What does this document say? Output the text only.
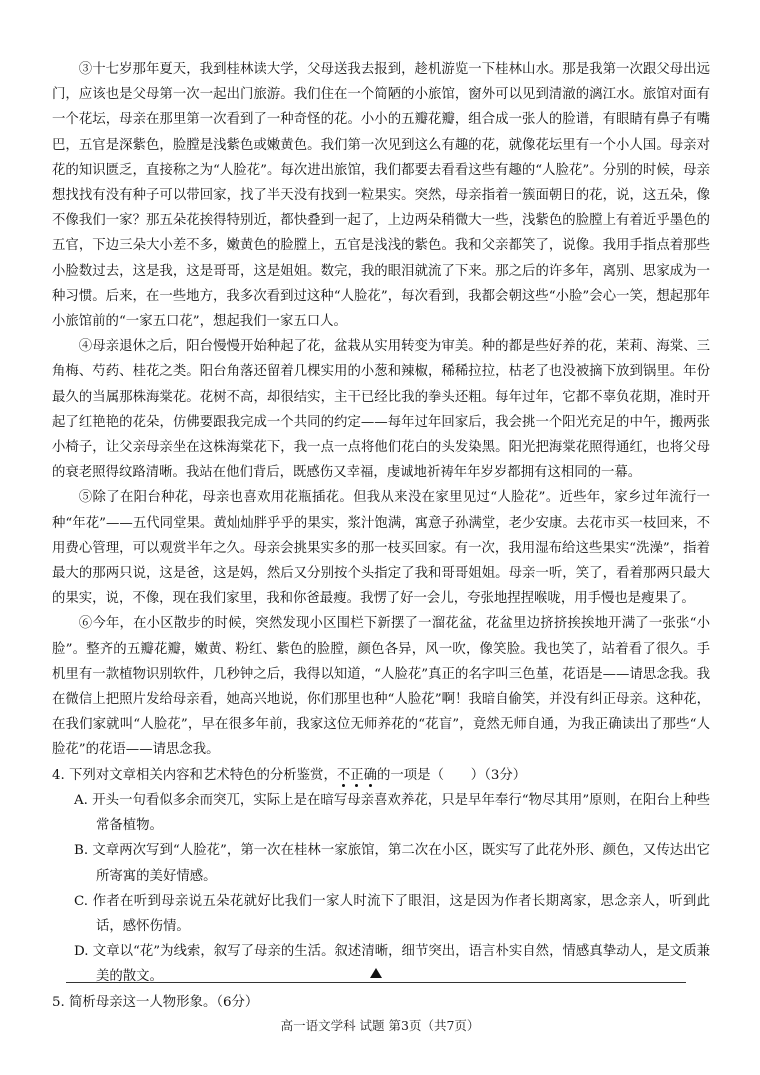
③十七岁那年夏天，我到桂林读大学，父母送我去报到，趁机游览一下桂林山水。那是我第一次跟父母出远门，应该也是父母第一次一起出门旅游。我们住在一个简陋的小旅馆，窗外可以见到清澈的漓江水。旅馆对面有一个花坛，母亲在那里第一次看到了一种奇怪的花。小小的五瓣花瓣，组合成一张人的脸谱，有眼睛有鼻子有嘴巴，五官是深紫色，脸膛是浅紫色或嫩黄色。我们第一次见到这么有趣的花，就像花坛里有一个小人国。母亲对花的知识匮乏，直接称之为“人脸花”。每次进出旅馆，我们都要去看看这些有趣的“人脸花”。分别的时候，母亲想找找有没有种子可以带回家，找了半天没有找到一粒果实。突然，母亲指着一簇面朝日的花，说，这五朵，像不像我们一家？那五朵花挨得特别近，都快叠到一起了，上边两朵稍微大一些，浅紫色的脸膛上有着近乎墨色的五官，下边三朵大小差不多，嫩黄色的脸膛上，五官是浅浅的紫色。我和父亲都笑了，说像。我用手指点着那些小脸数过去，这是我，这是哥哥，这是姐姐。数完，我的眼泪就流了下来。那之后的许多年，离别、思家成为一种习惯。后来，在一些地方，我多次看到过这种“人脸花”，每次看到，我都会朝这些“小脸”会心一笑，想起那年小旅馆前的“一家五口花”，想起我们一家五口人。

④母亲退休之后，阳台慢慢开始种起了花，盆栽从实用转变为审美。种的都是些好养的花，茉莉、海棠、三角梅、芍药、桂花之类。阳台角落还留着几棵实用的小葱和辣椒，稀稀拉拉，枯老了也没被摘下放到锅里。年份最久的当属那株海棠花。花树不高，却很结实，主干已经比我的拳头还粗。每年过年，它都不辜负花期，准时开起了红艳艳的花朵，仿佛要跟我完成一个共同的约定——每年过年回家后，我会挑一个阳光充足的中午，搬两张小椅子，让父亲母亲坐在这株海棠花下，我一点一点将他们花白的头发染黑。阳光把海棠花照得通红，也将父母的衰老照得纹路清晰。我站在他们背后，既感伤又幸福，虔诚地祈祷年年岁岁都拥有这相同的一幕。

⑤除了在阳台种花，母亲也喜欢用花瓶插花。但我从来没在家里见过“人脸花”。近些年，家乡过年流行一种“年花”——五代同堂果。黄灿灿胖乎乎的果实，浆汁饱满，寓意子孙满堂，老少安康。去花市买一枝回来，不用费心管理，可以观赏半年之久。母亲会挑果实多的那一枝买回家。有一次，我用湿布给这些果实“洗澡”，指着最大的那两只说，这是爸，这是妈，然后又分别按个头指定了我和哥哥姐姐。母亲一听，笑了，看着那两只最大的果实，说，不像，现在我们家里，我和你爸最瘦。我愣了好一会儿，夸张地捏捏喉咙，用手慢也是瘦果了。

⑥今年，在小区散步的时候，突然发现小区围栏下新摆了一溜花盆，花盆里边挤挤挨挨地开满了一张张“小脸”。整齐的五瓣花瓣，嫩黄、粉红、紫色的脸膛，颜色各异，风一吹，像笑脸。我也笑了，站着看了很久。手机里有一款植物识别软件，几秒钟之后，我得以知道，“人脸花”真正的名字叫三色堇，花语是——请思念我。我在微信上把照片发给母亲看，她高兴地说，你们那里也种“人脸花”啊！我暗自偷笑，并没有纠正母亲。这种花，在我们家就叫“人脸花”，早在很多年前，我家这位无师养花的“花盲”，竟然无师自通，为我正确读出了那些“人脸花”的花语——请思念我。

4. 下列对文章相关内容和艺术特色的分析鉴赏，不正确的一项是（　　）（3分）

A. 开头一句看似多余而突兀，实际上是在暗写母亲喜欢养花，只是早年奉行“物尽其用”原则，在阳台上种些常备植物。

B. 文章两次写到“人脸花”，第一次在桂林一家旅馆，第二次在小区，既实写了此花外形、颜色，又传达出它所寄寓的美好情感。

C. 作者在听到母亲说五朵花就好比我们一家人时流下了眼泪，这是因为作者长期离家，思念亲人，听到此话，感怀伤情。

D. 文章以“花”为线索，叙写了母亲的生活。叙述清晰，细节突出，语言朴实自然，情感真挚动人，是文质兼美的散文。

5. 简析母亲这一人物形象。（6分）

高一语文学科 试题 第3页（共7页）
